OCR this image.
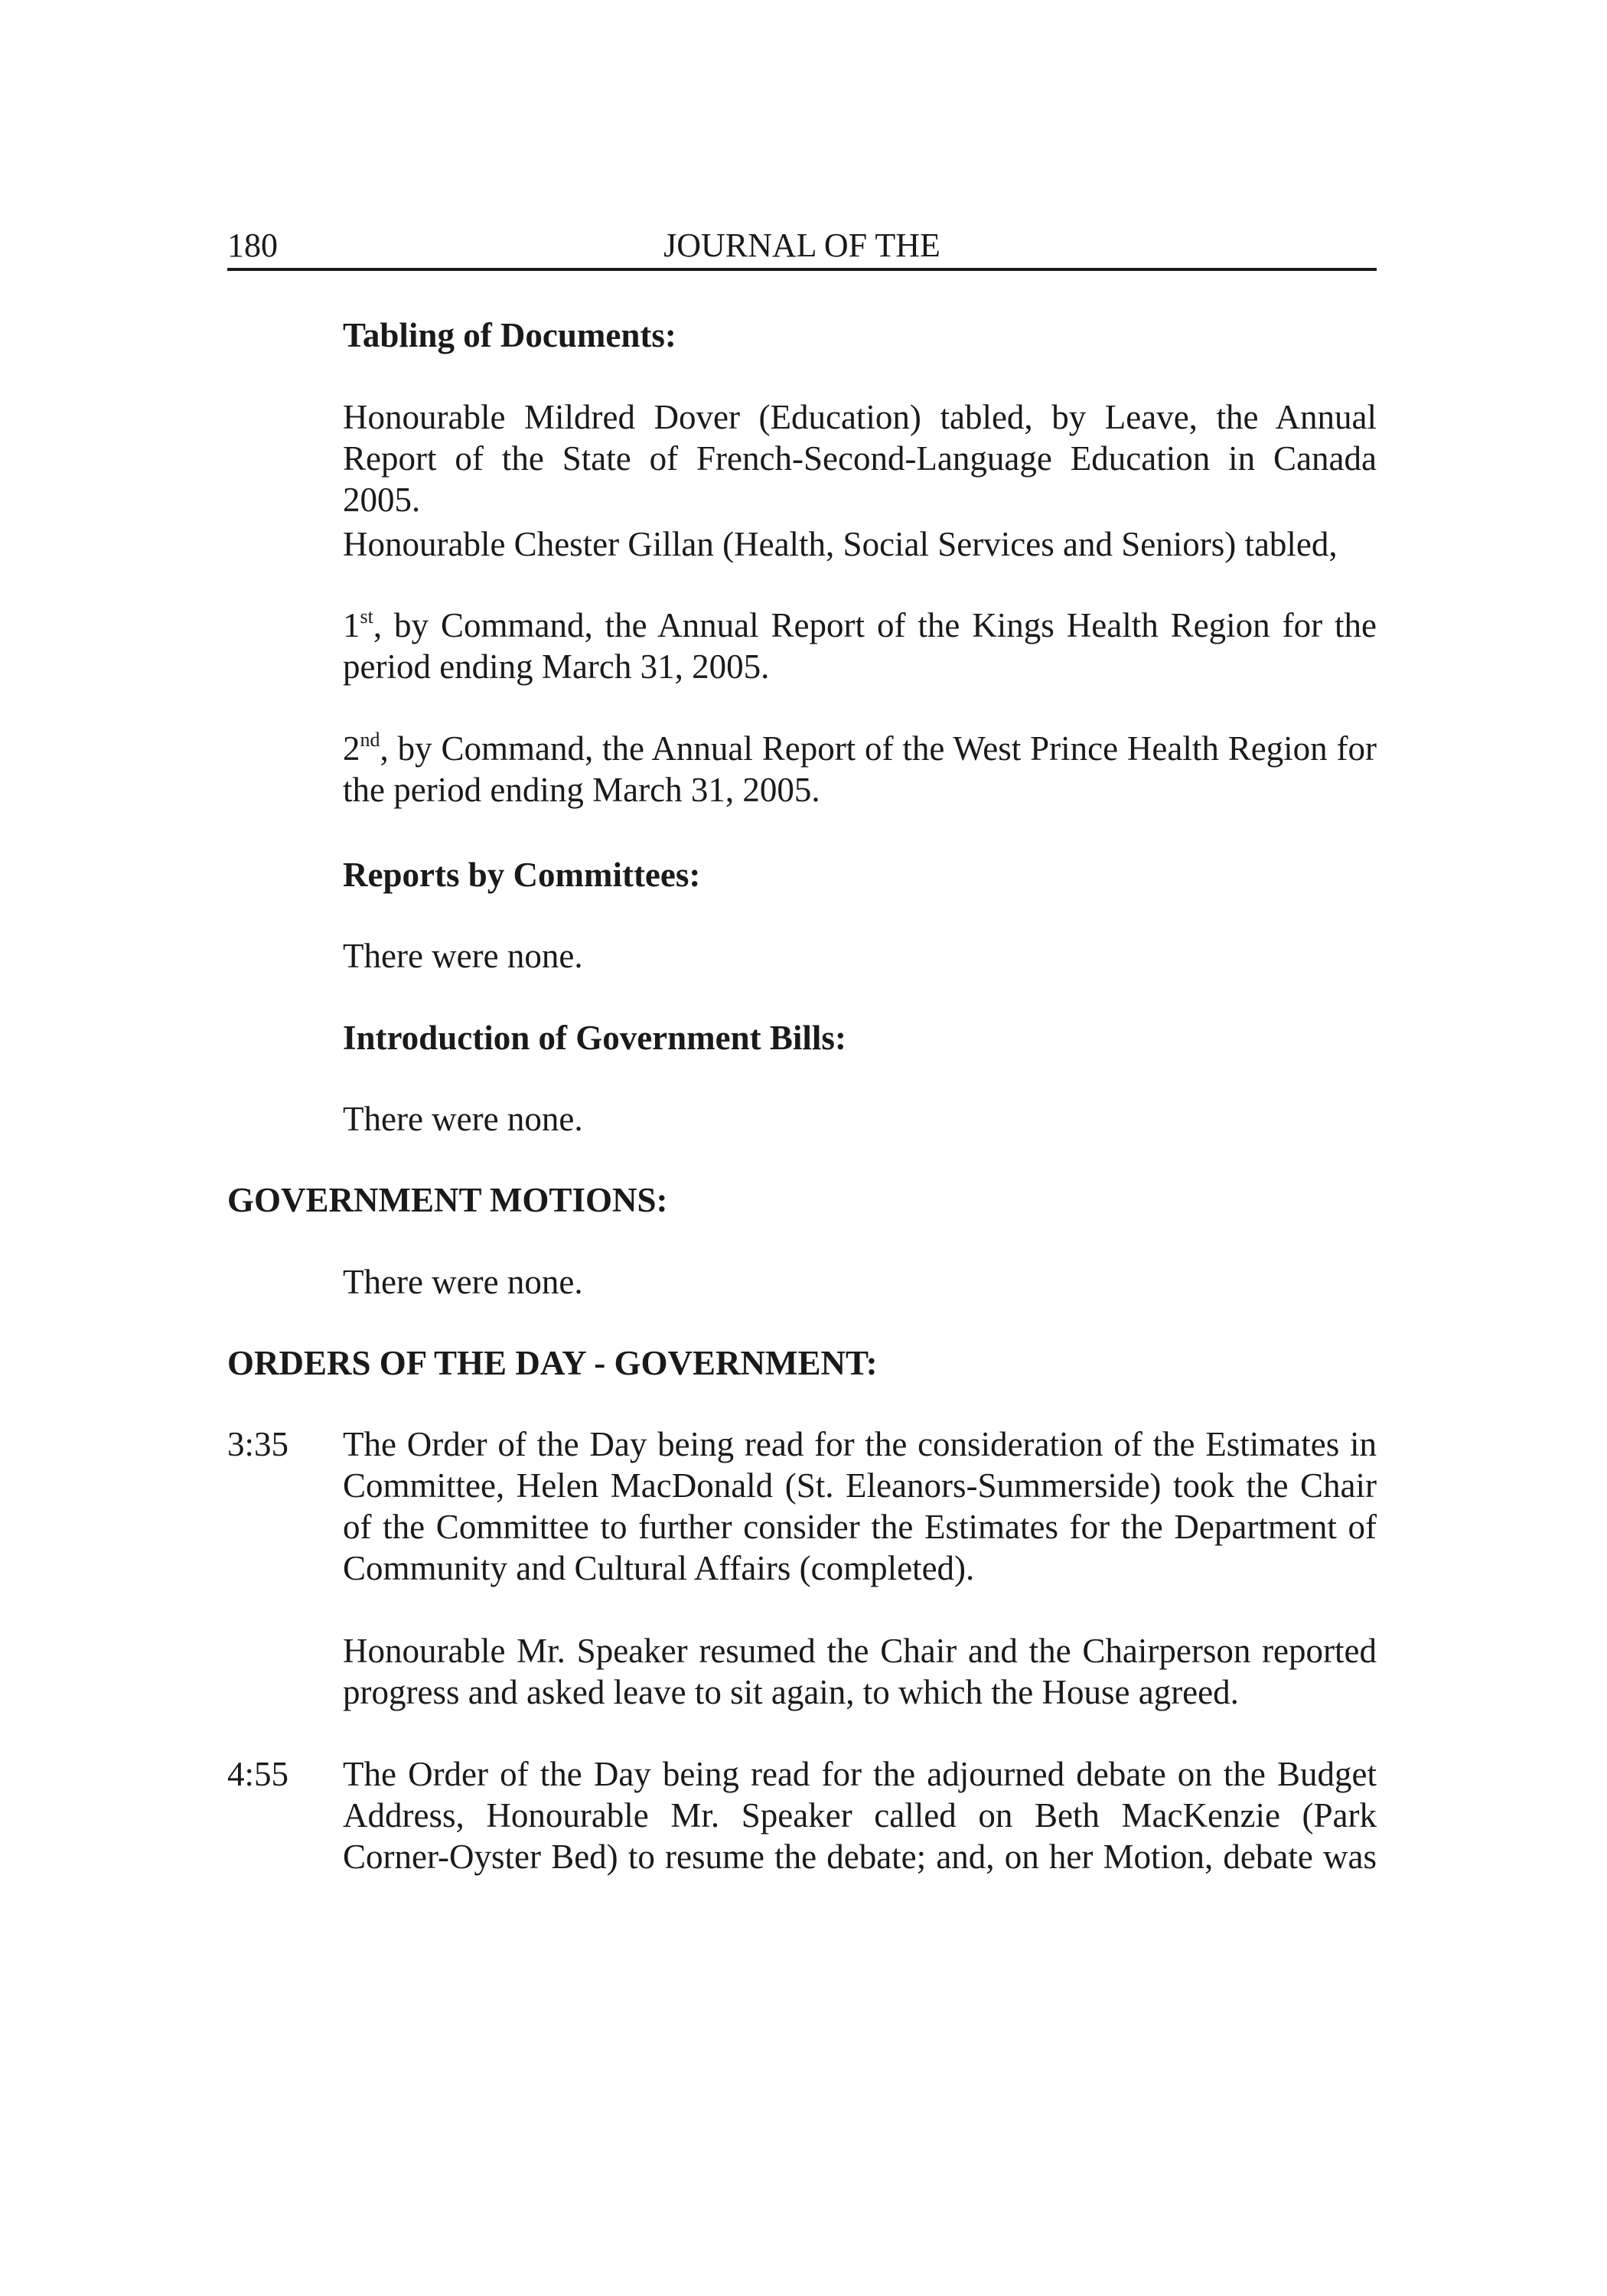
180	JOURNAL OF THE

Tabling of Documents:

Honourable Mildred Dover (Education) tabled, by Leave, the Annual Report of the State of French-Second-Language Education in Canada 2005.

Honourable Chester Gillan (Health, Social Services and Seniors) tabled,

1st, by Command, the Annual Report of the Kings Health Region for the period ending March 31, 2005.

2nd, by Command, the Annual Report of the West Prince Health Region for the period ending March 31, 2005.

Reports by Committees:

There were none.

Introduction of Government Bills:

There were none.

GOVERNMENT MOTIONS:

There were none.

ORDERS OF THE DAY - GOVERNMENT:

3:35 The Order of the Day being read for the consideration of the Estimates in Committee, Helen MacDonald (St. Eleanors-Summerside) took the Chair of the Committee to further consider the Estimates for the Department of Community and Cultural Affairs (completed).

Honourable Mr. Speaker resumed the Chair and the Chairperson reported progress and asked leave to sit again, to which the House agreed.

4:55 The Order of the Day being read for the adjourned debate on the Budget Address, Honourable Mr. Speaker called on Beth MacKenzie (Park Corner-Oyster Bed) to resume the debate; and, on her Motion, debate was
